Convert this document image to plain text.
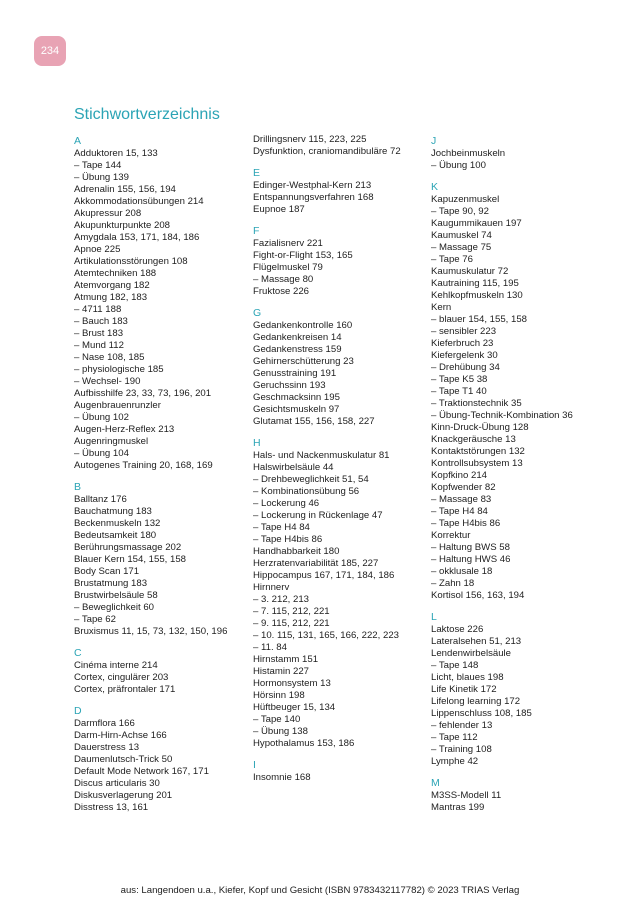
234
Stichwortverzeichnis
A
Adduktoren 15, 133
– Tape 144
– Übung 139
Adrenalin 155, 156, 194
Akkommodationsübungen 214
Akupressur 208
Akupunkturpunkte 208
Amygdala 153, 171, 184, 186
Apnoe 225
Artikulationsstörungen 108
Atemtechniken 188
Atemvorgang 182
Atmung 182, 183
– 4711 188
– Bauch 183
– Brust 183
– Mund 112
– Nase 108, 185
– physiologische 185
– Wechsel- 190
Aufbisshilfe 23, 33, 73, 196, 201
Augenbrauenrunzler
– Übung 102
Augen-Herz-Reflex 213
Augenringmuskel
– Übung 104
Autogenes Training 20, 168, 169
B
Balltanz 176
Bauchatmung 183
Beckenmuskeln 132
Bedeutsamkeit 180
Berührungsmassage 202
Blauer Kern 154, 155, 158
Body Scan 171
Brustatmung 183
Brustwirbelsäule 58
– Beweglichkeit 60
– Tape 62
Bruxismus 11, 15, 73, 132, 150, 196
C
Cinéma interne 214
Cortex, cingulärer 203
Cortex, präfrontaler 171
D
Darmflora 166
Darm-Hirn-Achse 166
Dauerstress 13
Daumenlutsch-Trick 50
Default Mode Network 167, 171
Discus articularis 30
Diskusverlagerung 201
Disstress 13, 161
Drillingsnerv 115, 223, 225
Dysfunktion, craniomandibuläre 72
E
Edinger-Westphal-Kern 213
Entspannungsverfahren 168
Eupnoe 187
F
Fazialisnerv 221
Fight-or-Flight 153, 165
Flügelmuskel 79
– Massage 80
Fruktose 226
G
Gedankenkontrolle 160
Gedankenkreisen 14
Gedankenstress 159
Gehirnerschütterung 23
Genusstraining 191
Geruchssinn 193
Geschmacksinn 195
Gesichtsmuskeln 97
Glutamat 155, 156, 158, 227
H
Hals- und Nackenmuskulatur 81
Halswirbelsäule 44
– Drehbeweglichkeit 51, 54
– Kombinationsübung 56
– Lockerung 46
– Lockerung in Rückenlage 47
– Tape H4 84
– Tape H4bis 86
Handhabbarkeit 180
Herzratenvariabilität 185, 227
Hippocampus 167, 171, 184, 186
Hirnnerv
– 3. 212, 213
– 7. 115, 212, 221
– 9. 115, 212, 221
– 10. 115, 131, 165, 166, 222, 223
– 11. 84
Hirnstamm 151
Histamin 227
Hormonsystem 13
Hörsinn 198
Hüftbeuger 15, 134
– Tape 140
– Übung 138
Hypothalamus 153, 186
I
Insomnie 168
J
Jochbeinmuskeln
– Übung 100
K
Kapuzenmuskel
– Tape 90, 92
Kaugummikauen 197
Kaumuskel 74
– Massage 75
– Tape 76
Kaumuskulatur 72
Kautraining 115, 195
Kehlkopfmuskeln 130
Kern
– blauer 154, 155, 158
– sensibler 223
Kieferbruch 23
Kiefergelenk 30
– Drehübung 34
– Tape K5 38
– Tape T1 40
– Traktionstechnik 35
– Übung-Technik-Kombination 36
Kinn-Druck-Übung 128
Knackgeräusche 13
Kontaktstörungen 132
Kontrollsubsystem 13
Kopfkino 214
Kopfwender 82
– Massage 83
– Tape H4 84
– Tape H4bis 86
Korrektur
– Haltung BWS 58
– Haltung HWS 46
– okklusale 18
– Zahn 18
Kortisol 156, 163, 194
L
Laktose 226
Lateralsehen 51, 213
Lendenwirbelsäule
– Tape 148
Licht, blaues 198
Life Kinetik 172
Lifelong learning 172
Lippenschluss 108, 185
– fehlender 13
– Tape 112
– Training 108
Lymphe 42
M
M3SS-Modell 11
Mantras 199
aus: Langendoen u.a., Kiefer, Kopf und Gesicht (ISBN 9783432117782) © 2023 TRIAS Verlag
